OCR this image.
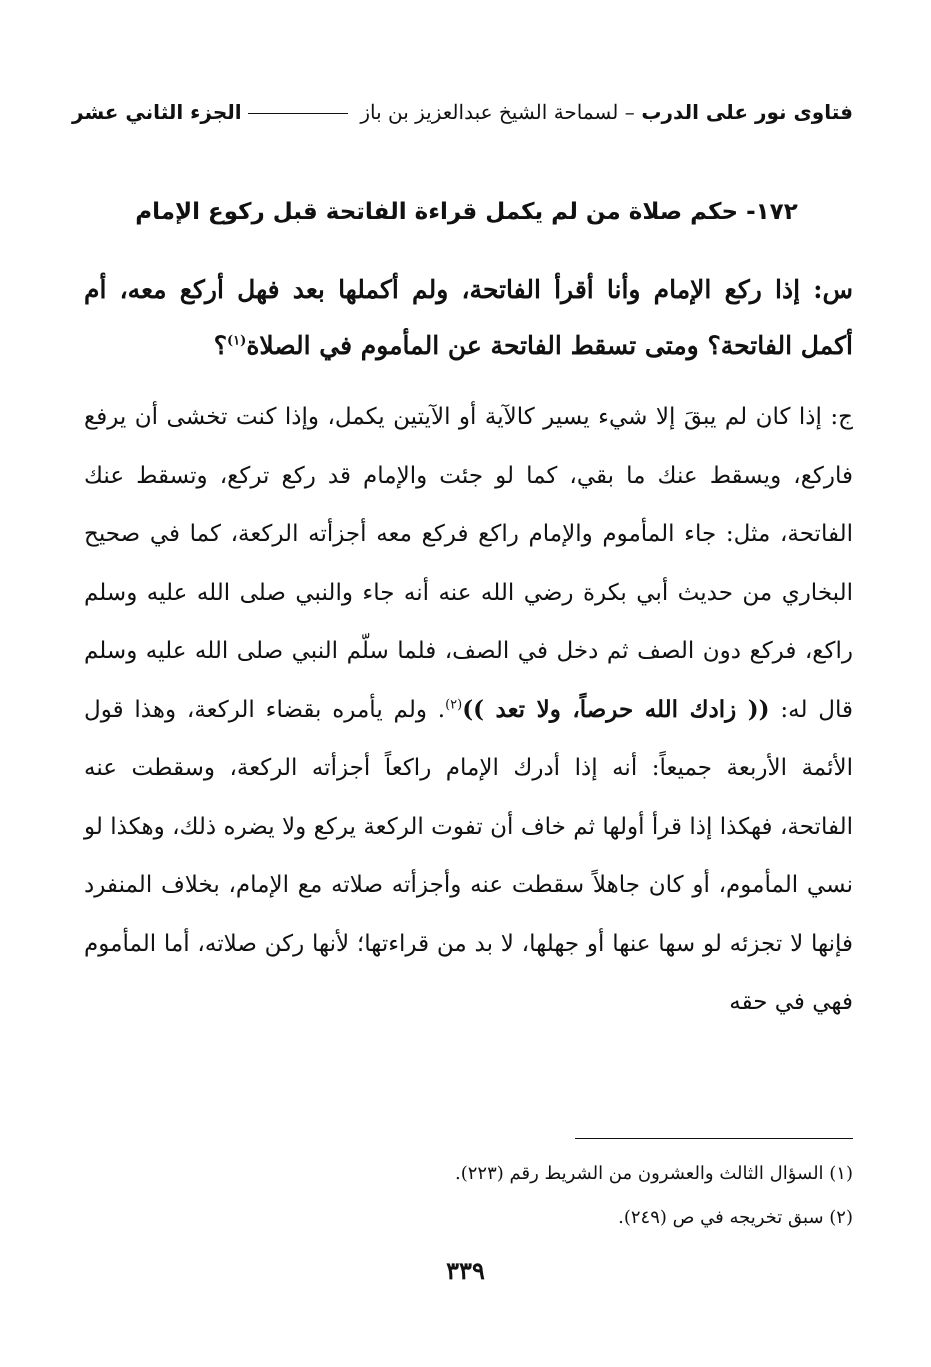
فتاوى نور على الدرب – لسماحة الشيخ عبدالعزيز بن باز
الجزء الثاني عشر
١٧٢- حكم صلاة من لم يكمل قراءة الفاتحة قبل ركوع الإمام
س: إذا ركع الإمام وأنا أقرأ الفاتحة، ولم أكملها بعد فهل أركع معه، أم أكمل الفاتحة؟ ومتى تسقط الفاتحة عن المأموم في الصلاة$^{(١)}$؟
ج: إذا كان لم يبقَ إلا شيء يسير كالآية أو الآيتين يكمل، وإذا كنت تخشى أن يرفع فاركع، ويسقط عنك ما بقي، كما لو جئت والإمام قد ركع تركع، وتسقط عنك الفاتحة، مثل: جاء المأموم والإمام راكع فركع معه أجزأته الركعة، كما في صحيح البخاري من حديث أبي بكرة رضي الله عنه أنه جاء والنبي صلى الله عليه وسلم راكع، فركع دون الصف ثم دخل في الصف، فلما سلّم النبي صلى الله عليه وسلم قال له: (( زادك الله حرصاً، ولا تعد ))$^{(٢)}$. ولم يأمره بقضاء الركعة، وهذا قول الأئمة الأربعة جميعاً: أنه إذا أدرك الإمام راكعاً أجزأته الركعة، وسقطت عنه الفاتحة، فهكذا إذا قرأ أولها ثم خاف أن تفوت الركعة يركع ولا يضره ذلك، وهكذا لو نسي المأموم، أو كان جاهلاً سقطت عنه وأجزأته صلاته مع الإمام، بخلاف المنفرد فإنها لا تجزئه لو سها عنها أو جهلها، لا بد من قراءتها؛ لأنها ركن صلاته، أما المأموم فهي في حقه
(١) السؤال الثالث والعشرون من الشريط رقم (٢٢٣).
(٢) سبق تخريجه في ص (٢٤٩).
٣٣٩
